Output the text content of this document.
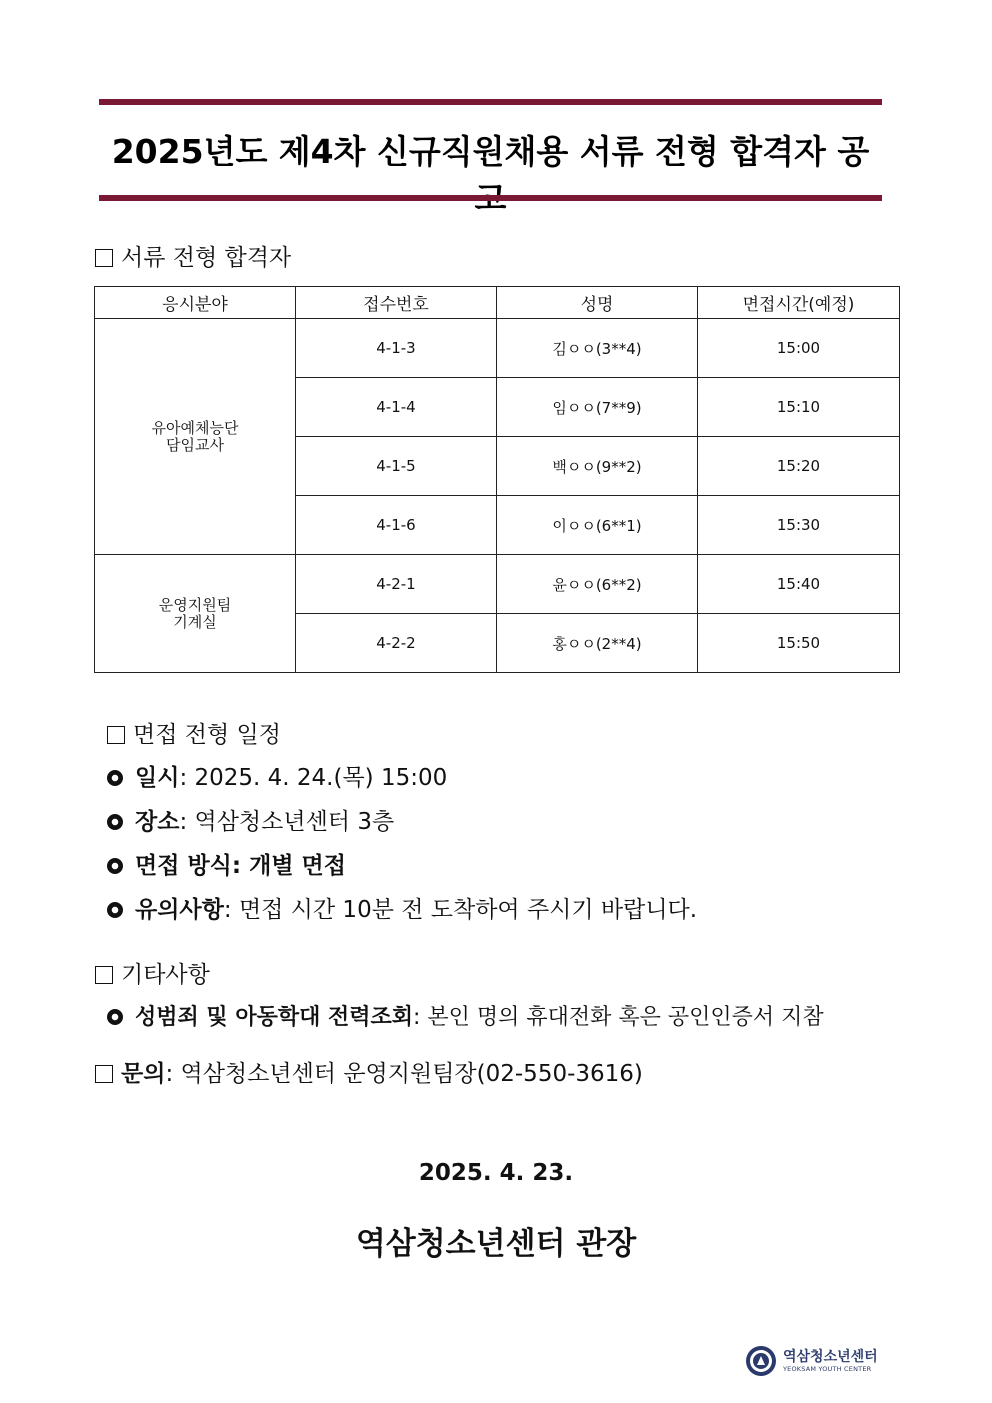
2025년도 제4차 신규직원채용 서류 전형 합격자 공고
서류 전형 합격자
응시분야	접수번호	성명	면접시간(예정)

유아예체능단
담임교사	4-1-3	김ㅇㅇ(3**4)	15:00
	4-1-4	임ㅇㅇ(7**9)	15:10
	4-1-5	백ㅇㅇ(9**2)	15:20
	4-1-6	이ㅇㅇ(6**1)	15:30

운영지원팀
기계실	4-2-1	윤ㅇㅇ(6**2)	15:40
	4-2-2	홍ㅇㅇ(2**4)	15:50
면접 전형 일정
일시: 2025. 4. 24.(목) 15:00
장소: 역삼청소년센터 3층
면접 방식: 개별 면접
유의사항: 면접 시간 10분 전 도착하여 주시기 바랍니다.
기타사항
성범죄 및 아동학대 전력조회: 본인 명의 휴대전화 혹은 공인인증서 지참
문의: 역삼청소년센터 운영지원팀장(02-550-3616)
2025. 4. 23.
역삼청소년센터 관장
역삼청소년센터
YEOKSAM YOUTH CENTER
